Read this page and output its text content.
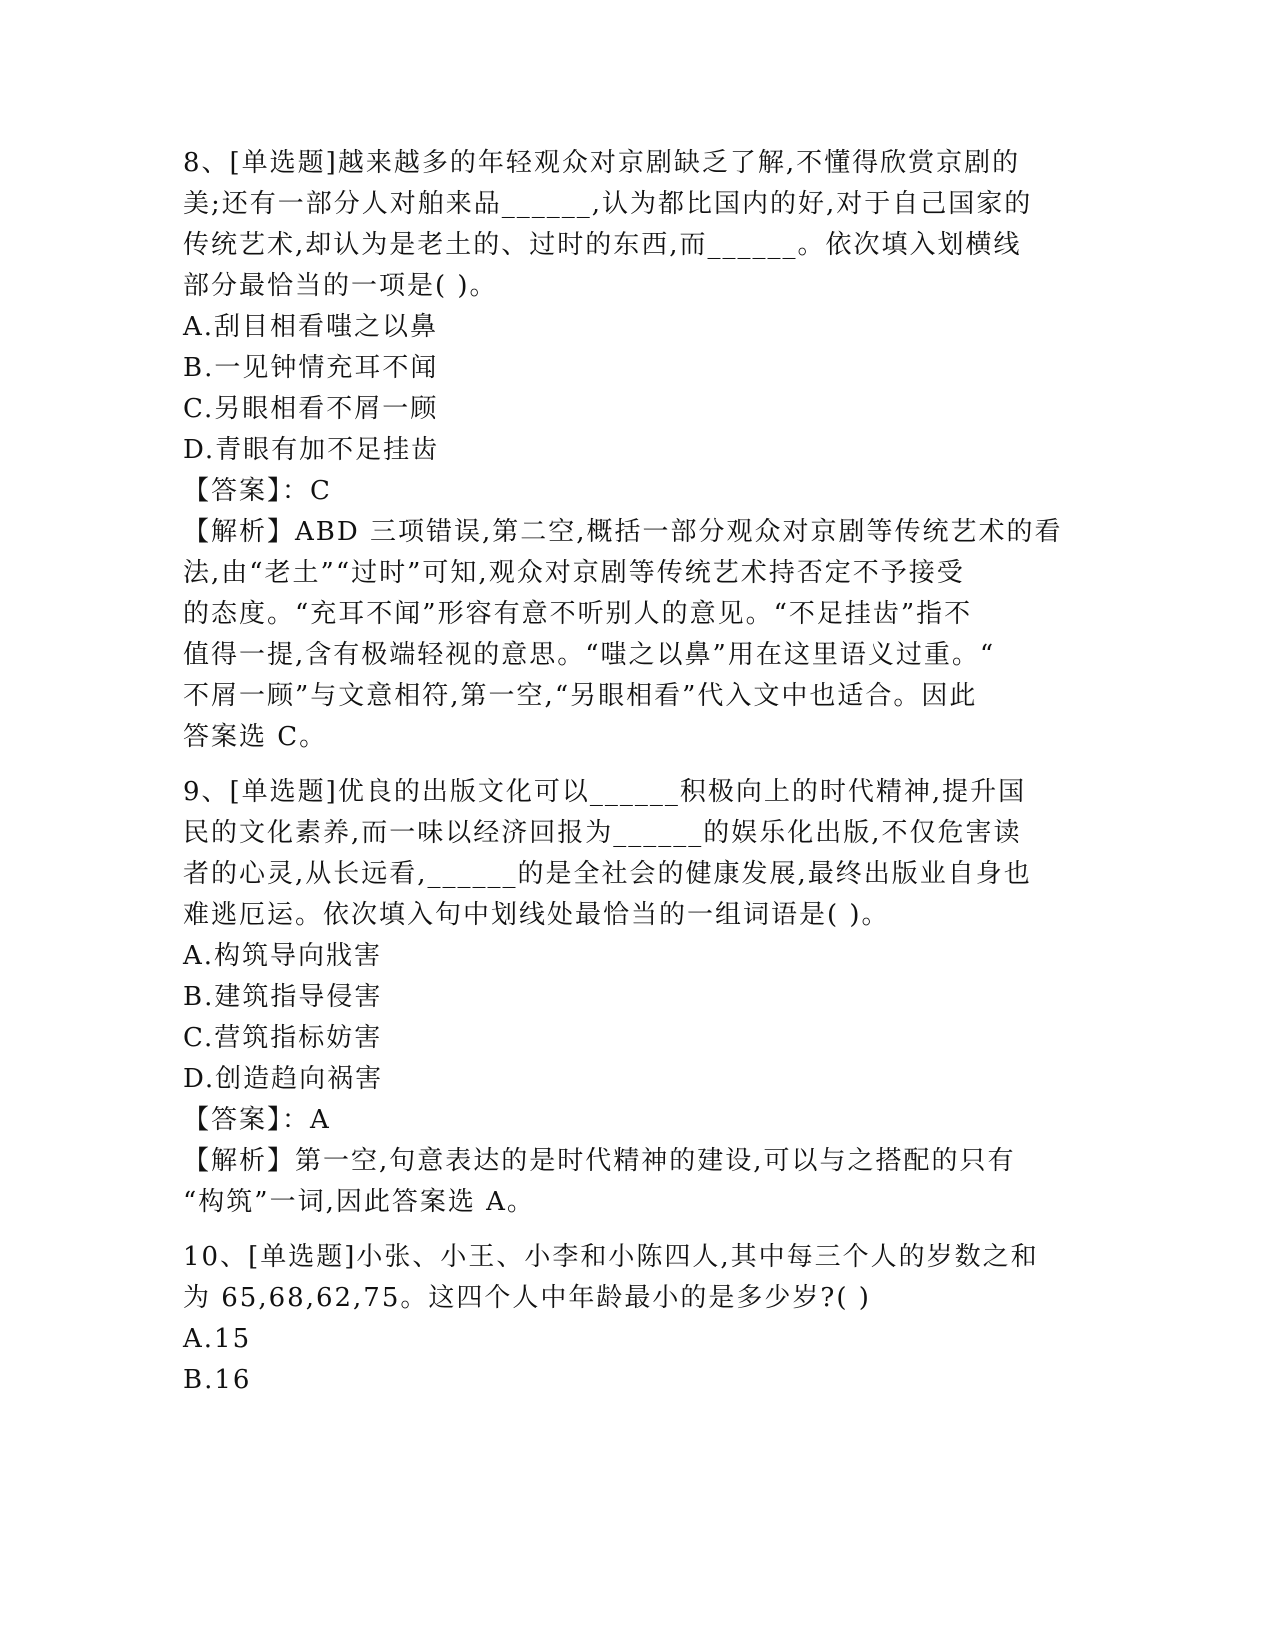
8、[单选题]越来越多的年轻观众对京剧缺乏了解,不懂得欣赏京剧的
美;还有一部分人对舶来品______,认为都比国内的好,对于自己国家的
传统艺术,却认为是老土的、过时的东西,而______。依次填入划横线
部分最恰当的一项是( )。
A.刮目相看嗤之以鼻
B.一见钟情充耳不闻
C.另眼相看不屑一顾
D.青眼有加不足挂齿
【答案】：C
【解析】ABD 三项错误,第二空,概括一部分观众对京剧等传统艺术的看
法,由“老土”“过时”可知,观众对京剧等传统艺术持否定不予接受
的态度。“充耳不闻”形容有意不听别人的意见。“不足挂齿”指不
值得一提,含有极端轻视的意思。“嗤之以鼻”用在这里语义过重。“
不屑一顾”与文意相符,第一空,“另眼相看”代入文中也适合。因此
答案选 C。
9、[单选题]优良的出版文化可以______积极向上的时代精神,提升国
民的文化素养,而一味以经济回报为______的娱乐化出版,不仅危害读
者的心灵,从长远看,______的是全社会的健康发展,最终出版业自身也
难逃厄运。依次填入句中划线处最恰当的一组词语是( )。
A.构筑导向戕害
B.建筑指导侵害
C.营筑指标妨害
D.创造趋向祸害
【答案】：A
【解析】第一空,句意表达的是时代精神的建设,可以与之搭配的只有
“构筑”一词,因此答案选 A。
10、[单选题]小张、小王、小李和小陈四人,其中每三个人的岁数之和
为 65,68,62,75。这四个人中年龄最小的是多少岁?( )
A.15
B.16
